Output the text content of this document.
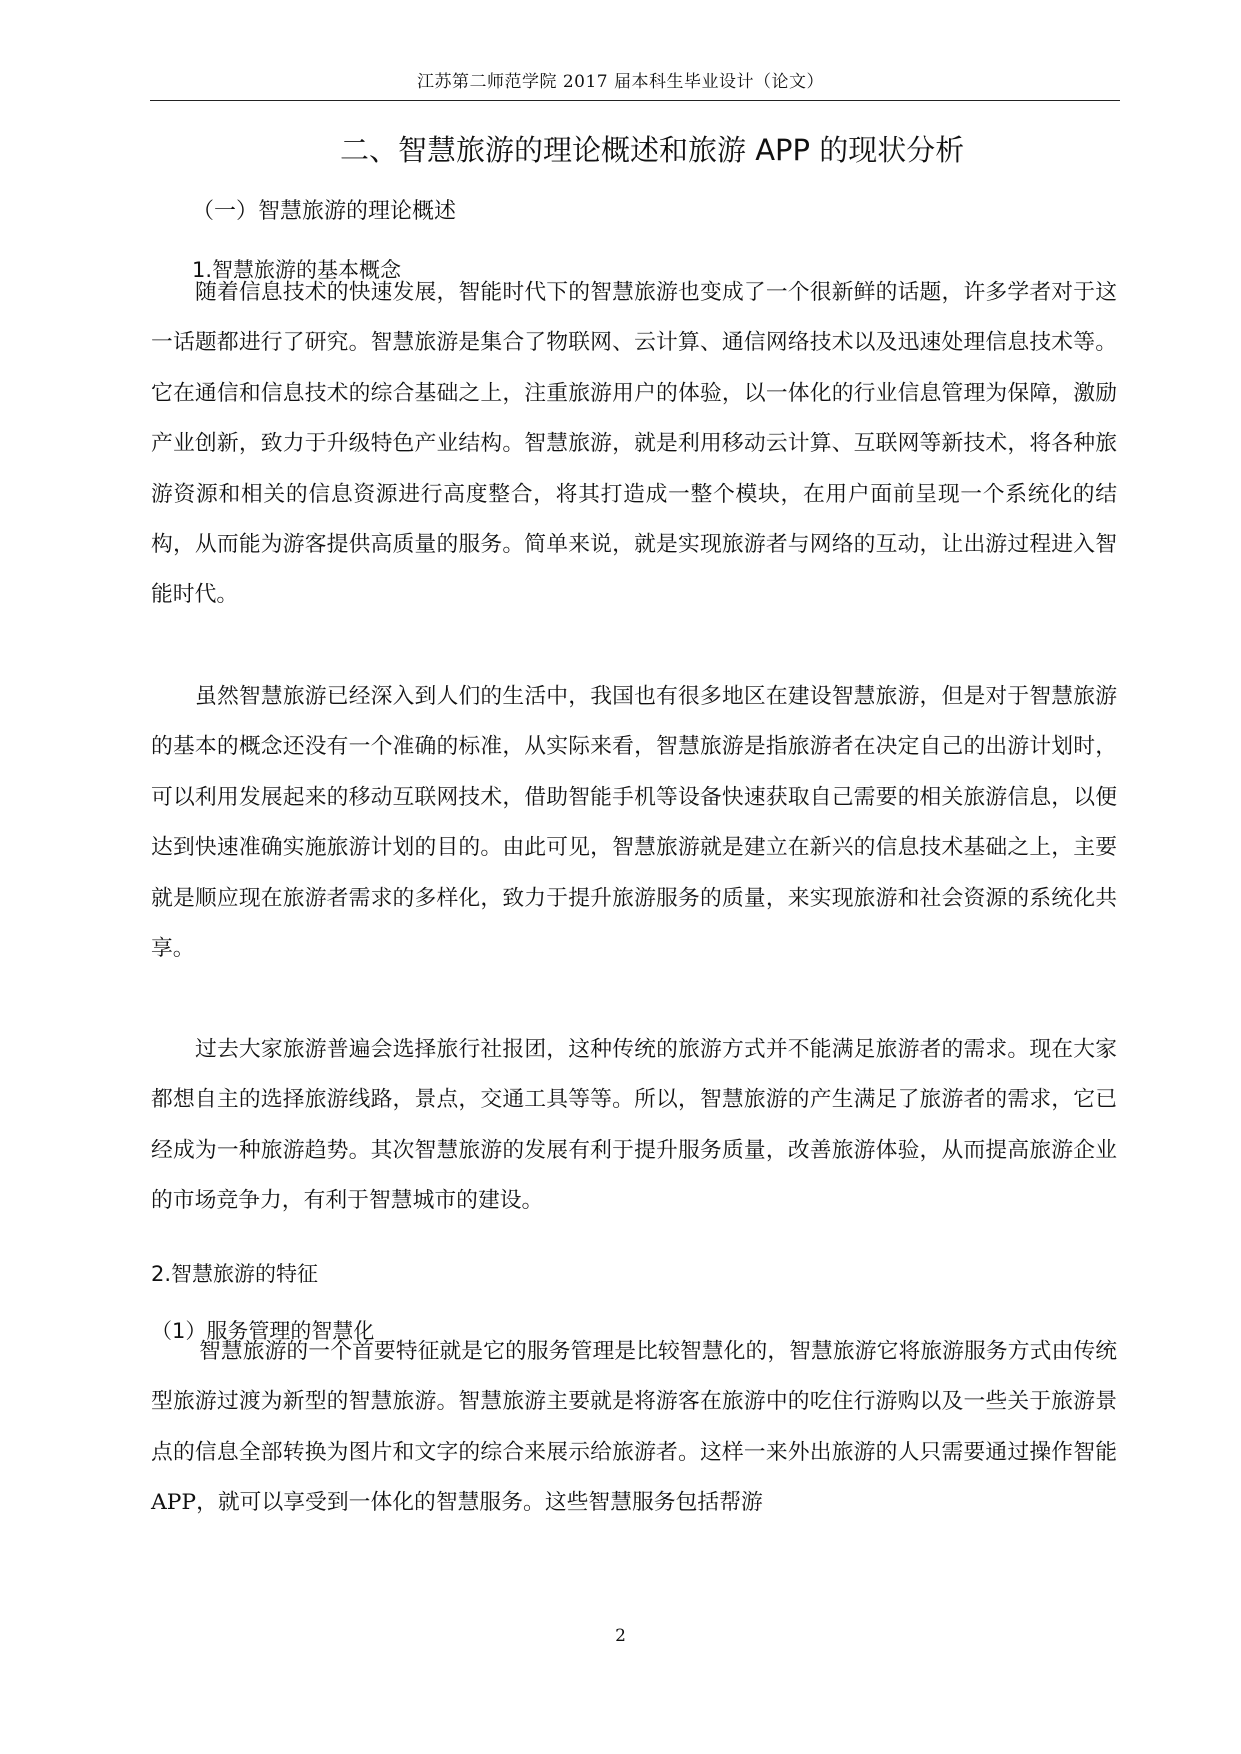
江苏第二师范学院 2017 届本科生毕业设计（论文）
二、智慧旅游的理论概述和旅游 APP 的现状分析
（一）智慧旅游的理论概述
1.智慧旅游的基本概念

随着信息技术的快速发展，智能时代下的智慧旅游也变成了一个很新鲜的话题，许多学者对于这一话题都进行了研究。智慧旅游是集合了物联网、云计算、通信网络技术以及迅速处理信息技术等。它在通信和信息技术的综合基础之上，注重旅游用户的体验，以一体化的行业信息管理为保障，激励产业创新，致力于升级特色产业结构。智慧旅游，就是利用移动云计算、互联网等新技术，将各种旅游资源和相关的信息资源进行高度整合，将其打造成一整个模块，在用户面前呈现一个系统化的结构，从而能为游客提供高质量的服务。简单来说，就是实现旅游者与网络的互动，让出游过程进入智能时代。

虽然智慧旅游已经深入到人们的生活中，我国也有很多地区在建设智慧旅游，但是对于智慧旅游的基本的概念还没有一个准确的标准，从实际来看，智慧旅游是指旅游者在决定自己的出游计划时，可以利用发展起来的移动互联网技术，借助智能手机等设备快速获取自己需要的相关旅游信息，以便达到快速准确实施旅游计划的目的。由此可见，智慧旅游就是建立在新兴的信息技术基础之上，主要就是顺应现在旅游者需求的多样化，致力于提升旅游服务的质量，来实现旅游和社会资源的系统化共享。

过去大家旅游普遍会选择旅行社报团，这种传统的旅游方式并不能满足旅游者的需求。现在大家都想自主的选择旅游线路，景点，交通工具等等。所以，智慧旅游的产生满足了旅游者的需求，它已经成为一种旅游趋势。其次智慧旅游的发展有利于提升服务质量，改善旅游体验，从而提高旅游企业的市场竞争力，有利于智慧城市的建设。

2.智慧旅游的特征
（1）服务管理的智慧化

智慧旅游的一个首要特征就是它的服务管理是比较智慧化的，智慧旅游它将旅游服务方式由传统型旅游过渡为新型的智慧旅游。智慧旅游主要就是将游客在旅游中的吃住行游购以及一些关于旅游景点的信息全部转换为图片和文字的综合来展示给旅游者。这样一来外出旅游的人只需要通过操作智能 APP，就可以享受到一体化的智慧服务。这些智慧服务包括帮游

2
